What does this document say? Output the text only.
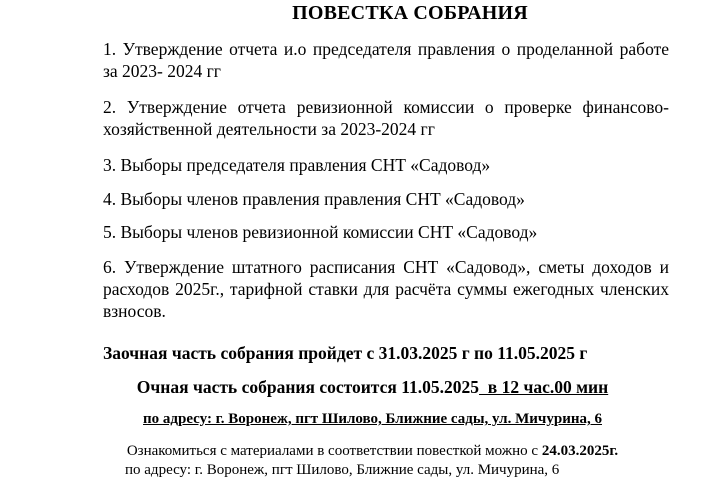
ПОВЕСТКА СОБРАНИЯ
1. Утверждение отчета и.о председателя правления о проделанной работе за 2023- 2024 гг
2. Утверждение отчета ревизионной комиссии о проверке финансово-хозяйственной деятельности за 2023-2024 гг
3. Выборы председателя правления СНТ «Садовод»
4. Выборы членов правления правления СНТ «Садовод»
5. Выборы членов ревизионной комиссии СНТ «Садовод»
6. Утверждение штатного расписания СНТ «Садовод», сметы доходов и расходов 2025г., тарифной ставки для расчёта суммы ежегодных членских взносов.
Заочная часть собрания пройдет с 31.03.2025 г по 11.05.2025 г
Очная часть собрания состоится 11.05.2025  в 12 час.00 мин
по адресу: г. Воронеж, пгт Шилово, Ближние сады, ул. Мичурина, 6
Ознакомиться с материалами в соответствии повесткой можно с 24.03.2025г.
по адресу: г. Воронеж, пгт Шилово, Ближние сады, ул. Мичурина, 6
